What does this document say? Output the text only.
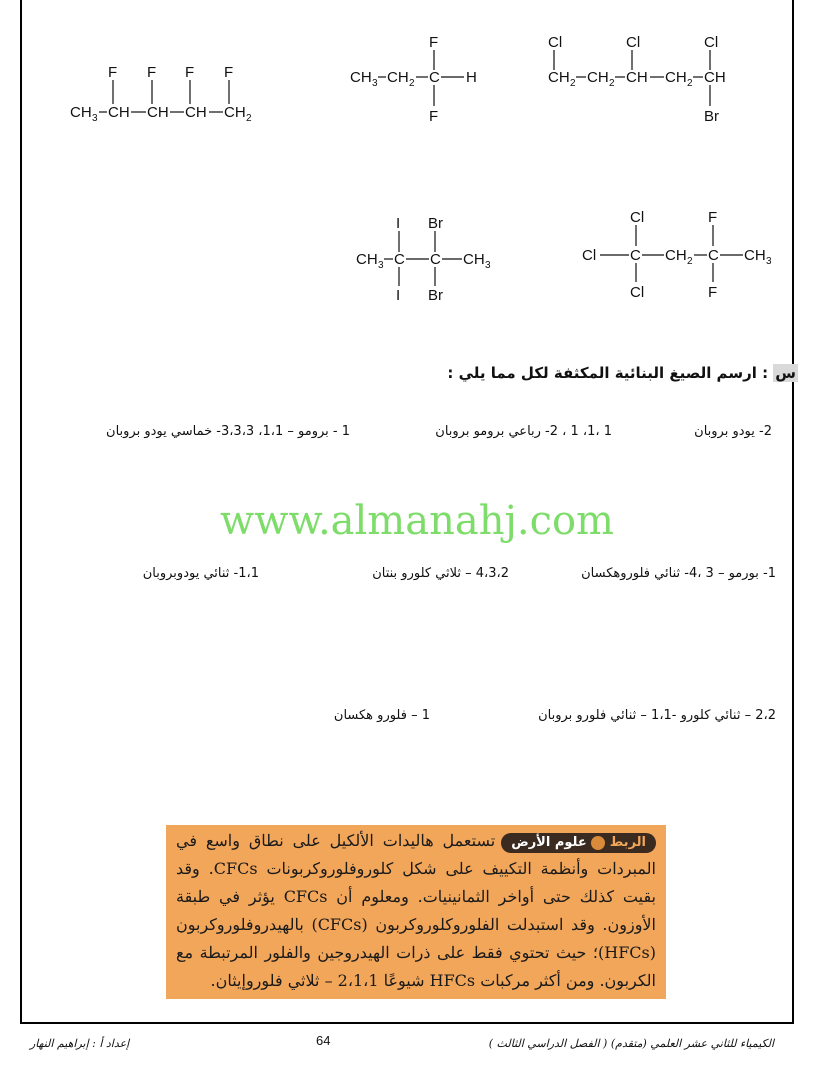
F F F F
CH 3 CH CH CH CH 2
F
CH 3 CH 2 C H
F
Cl	Cl	Cl
CH 2 CH 2 CH CH 2 CH
Br
I Br
CH 3 C C CH 3
I Br
Cl	F
Cl C CH 2 C CH 3
Cl	F
س : ارسم الصيغ البنائية المكثفة لكل مما يلي :
2- يودو بروبان
1 ،1، 1 ، 2- رباعي برومو بروبان
1 - برومو – 1،1، 3،3،3- خماسي يودو بروبان
www.almanahj.com
1- بورمو – 3 ،4- ثنائي فلوروهكسان
4،3،2 – ثلاثي كلورو بنتان
1،1- ثنائي يودوبروبان
2،2 – ثنائي كلورو -1،1 – ثنائي فلورو بروبان
1 – فلورو هكسان
الربط  علوم الأرضتستعمل هاليدات الألكيل على نطاق واسع في المبردات وأنظمة التكييف على شكل كلوروفلوروكربونات CFCs. وقد بقيت كذلك حتى أواخر الثمانينيات. ومعلوم أن CFCs يؤثر في طبقة الأوزون. وقد استبدلت الفلوروكلوروكربون (CFCs) بالهيدروفلوروكربون (HFCs)؛ حيث تحتوي فقط على ذرات الهيدروجين والفلور المرتبطة مع الكربون. ومن أكثر مركبات HFCs شيوعًا 2،1،1 – ثلاثي فلوروإيثان.
إعداد أ : إبراهيم النهار	64	الكيمياء للثاني عشر العلمي (متقدم) ( الفصل الدراسي الثالث )
